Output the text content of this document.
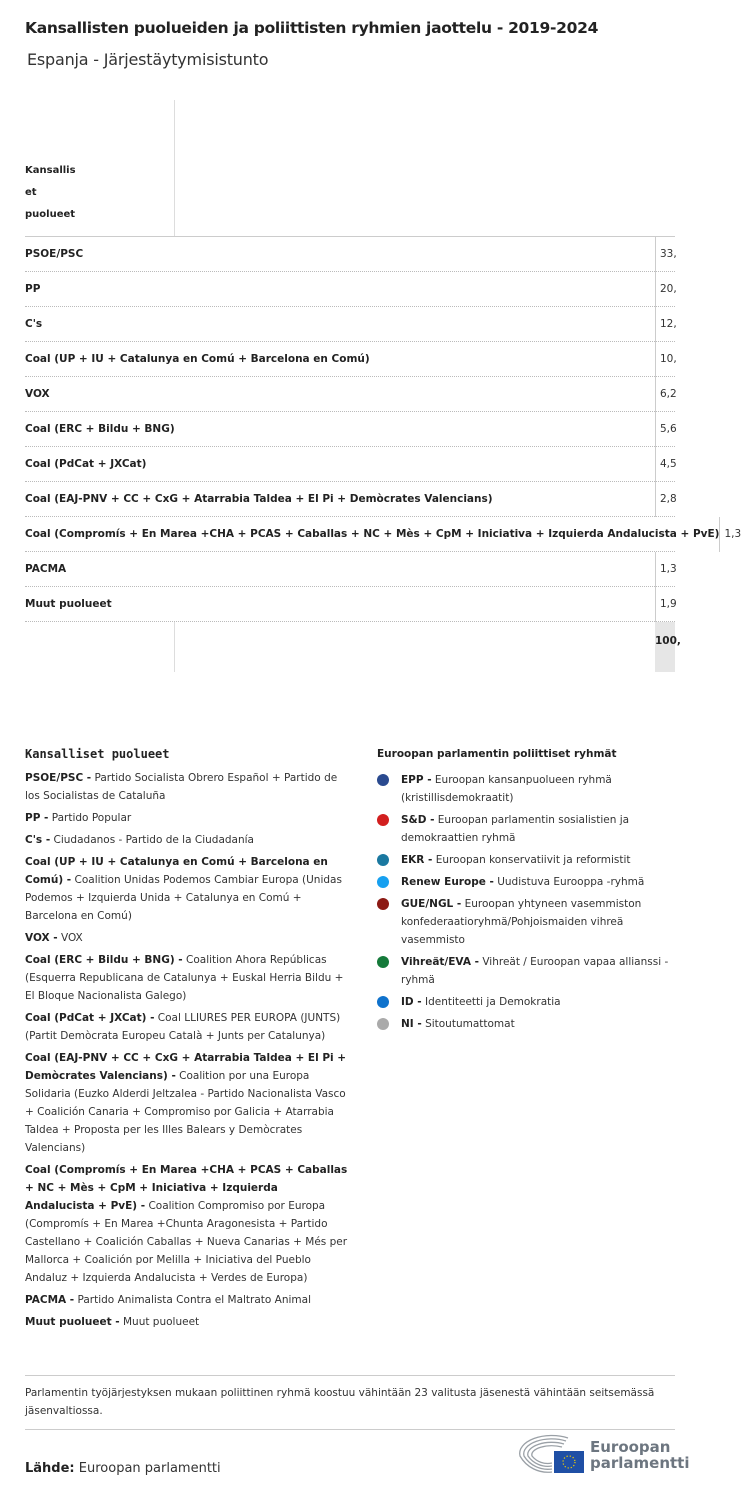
Kansallisten puolueiden ja poliittisten ryhmien jaottelu - 2019-2024
Espanja - Järjestäytymisistunto
Kansallis et puolueet
PSOE/PSC	33,
PP	20,
C's	12,
Coal (UP + IU + Catalunya en Comú + Barcelona en Comú)	10,
VOX	6,2
Coal (ERC + Bildu + BNG)	5,6
Coal (PdCat + JXCat)	4,5
Coal (EAJ-PNV + CC + CxG + Atarrabia Taldea + El Pi + Demòcrates Valencians)	2,8
Coal (Compromís + En Marea +CHA + PCAS + Caballas + NC + Mès + CpM + Iniciativa + Izquierda Andalucista + PvE) 1,3
PACMA	1,3
Muut puolueet	1,9
100,
Kansalliset puolueet

PSOE/PSC - Partido Socialista Obrero Español + Partido de los Socialistas de Cataluña

PP - Partido Popular

C's - Ciudadanos - Partido de la Ciudadanía

Coal (UP + IU + Catalunya en Comú + Barcelona en Comú) - Coalition Unidas Podemos Cambiar Europa (Unidas Podemos + Izquierda Unida + Catalunya en Comú + Barcelona en Comú)

VOX - VOX

Coal (ERC + Bildu + BNG) - Coalition Ahora Repúblicas (Esquerra Republicana de Catalunya + Euskal Herria Bildu + El Bloque Nacionalista Galego)

Coal (PdCat + JXCat) - Coal LLIURES PER EUROPA (JUNTS) (Partit Demòcrata Europeu Català + Junts per Catalunya)

Coal (EAJ-PNV + CC + CxG + Atarrabia Taldea + El Pi + Demòcrates Valencians) - Coalition por una Europa Solidaria (Euzko Alderdi Jeltzalea - Partido Nacionalista Vasco + Coalición Canaria + Compromiso por Galicia + Atarrabia Taldea + Proposta per les Illes Balears y Demòcrates Valencians)

Coal (Compromís + En Marea +CHA + PCAS + Caballas + NC + Mès + CpM + Iniciativa + Izquierda Andalucista + PvE) - Coalition Compromiso por Europa (Compromís + En Marea +Chunta Aragonesista + Partido Castellano + Coalición Caballas + Nueva Canarias + Més per Mallorca + Coalición por Melilla + Iniciativa del Pueblo Andaluz + Izquierda Andalucista + Verdes de Europa)

PACMA - Partido Animalista Contra el Maltrato Animal

Muut puolueet - Muut puolueet

Euroopan parlamentin poliittiset ryhmät
EPP - Euroopan kansanpuolueen ryhmä (kristillisdemokraatit)
S&D - Euroopan parlamentin sosialistien ja demokraattien ryhmä
EKR - Euroopan konservatiivit ja reformistit
Renew Europe - Uudistuva Eurooppa -ryhmä
GUE/NGL - Euroopan yhtyneen vasemmiston konfederaatioryhmä/Pohjoismaiden vihreä vasemmisto
Vihreät/EVA - Vihreät / Euroopan vapaa allianssi -ryhmä
ID - Identiteetti ja Demokratia
NI - Sitoutumattomat
Parlamentin työjärjestyksen mukaan poliittinen ryhmä koostuu vähintään 23 valitusta jäsenestä vähintään seitsemässä jäsenvaltiossa.
Lähde: Euroopan parlamentti
Euroopan
parlamentti
